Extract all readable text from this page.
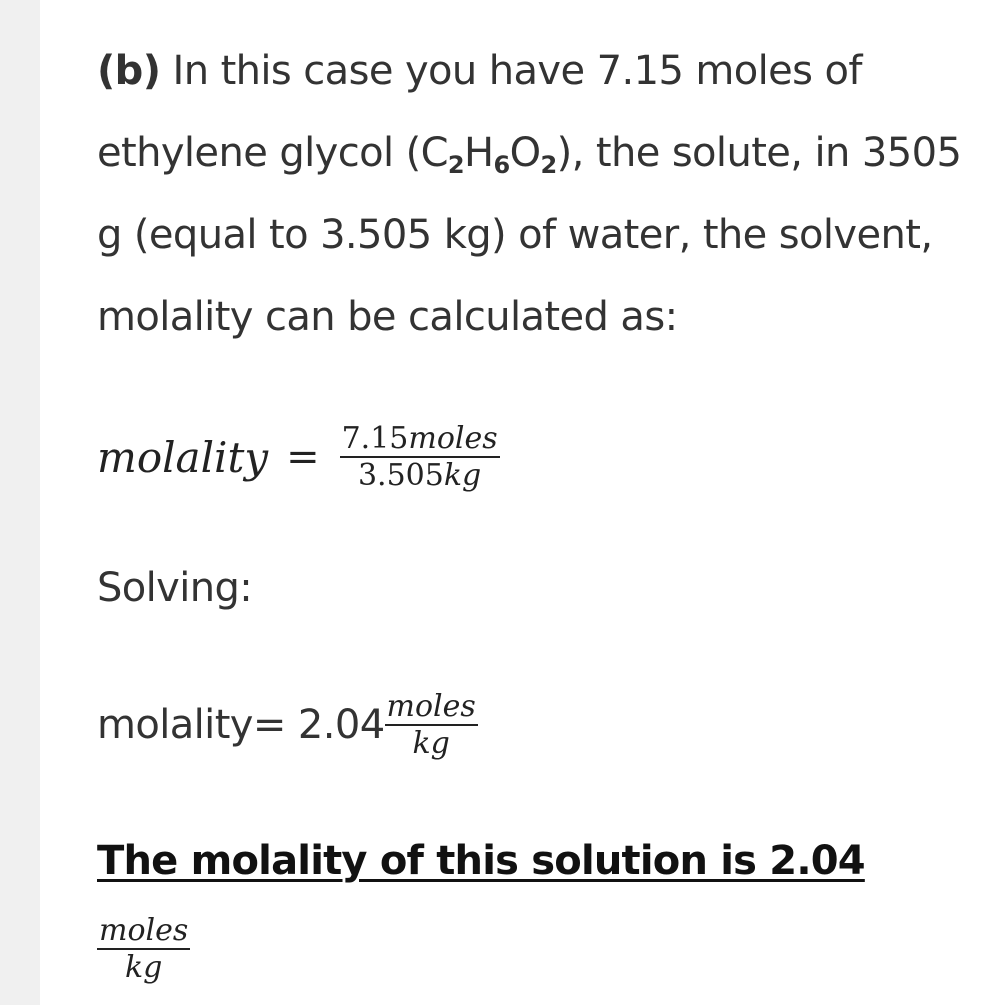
(b) In this case you have 7.15 moles of ethylene glycol $(C_2H_6O_2)$, the solute, in 3505 g (equal to 3.505 kg) of water, the solvent, molality can be calculated as:
molality = $\frac{\text{7.15moles}}{3.505kg}$
Solving:
molality= $2.04 \frac{\text{moles}}{kg}$
The molality of this solution is 2.04
$\frac{\text{moles}}{kg}$
